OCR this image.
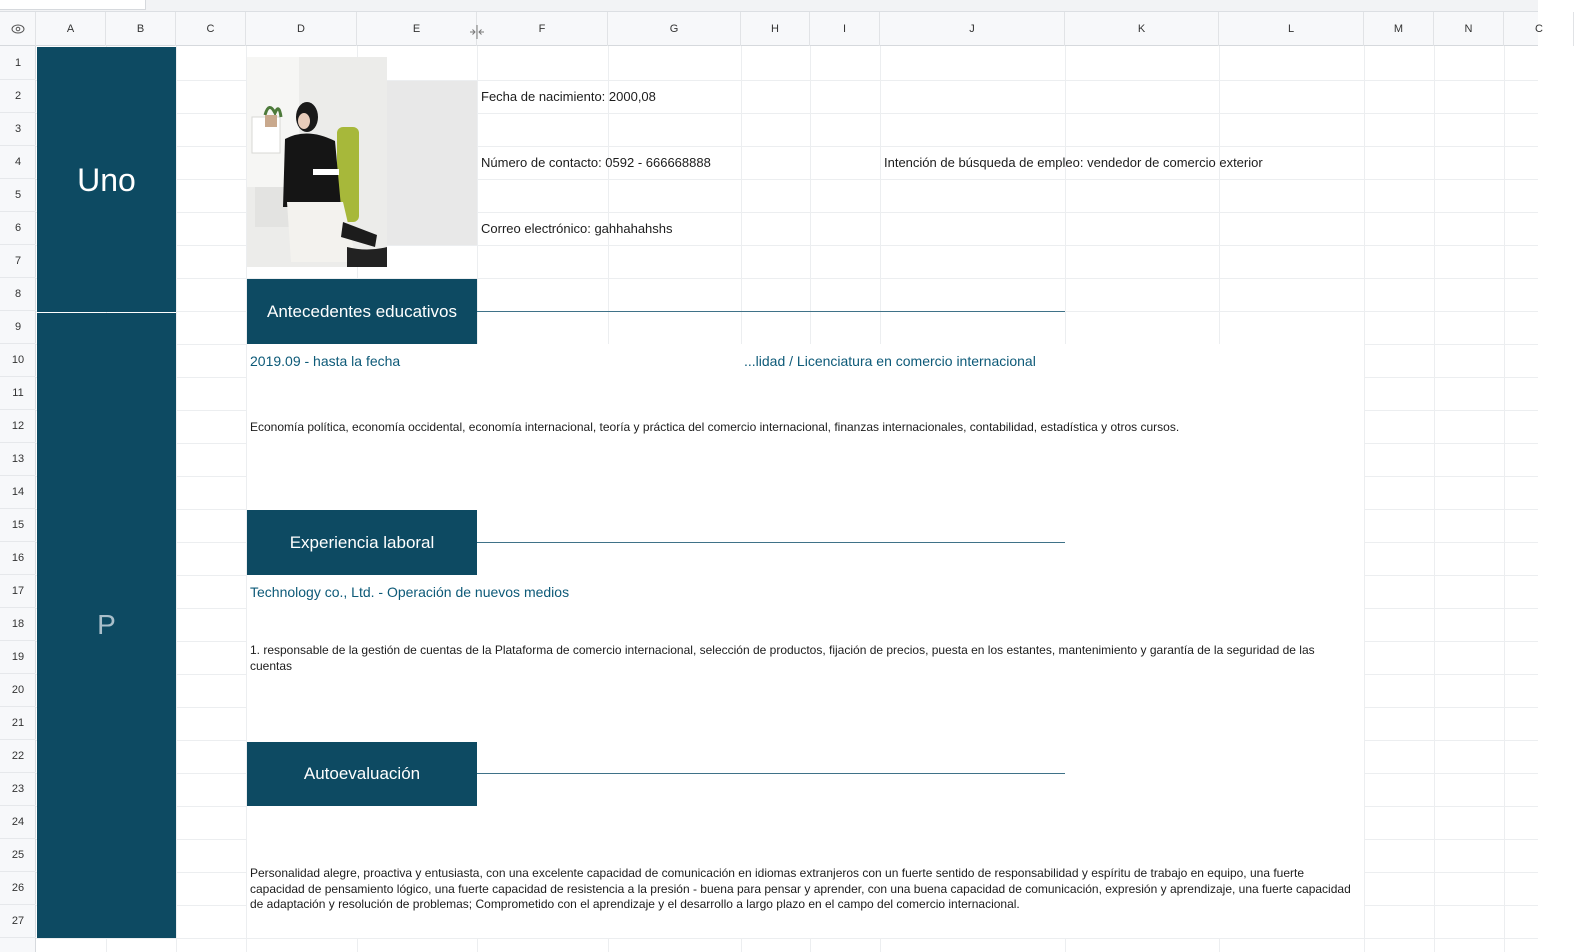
A	B	C	D	E	F	G	H	I	J	K	L	M	N	C
1
2
3
4
5
6
7
8
9
10
11
12
13
14
15
16
17
18
19
20
21
22
23
24
25
26
27
Uno
P
Fecha de nacimiento: 2000,08
Número de contacto: 0592 - 666668888
Correo electrónico: gahhahahshs
Intención de búsqueda de empleo: vendedor de comercio exterior
Antecedentes educativos
2019.09 - hasta la fecha	...lidad / Licenciatura en comercio internacional
Economía política, economía occidental, economía internacional, teoría y práctica del comercio internacional, finanzas internacionales, contabilidad, estadística y otros cursos.
Experiencia laboral
Technology co., Ltd. - Operación de nuevos medios
1. responsable de la gestión de cuentas de la Plataforma de comercio internacional, selección de productos, fijación de precios, puesta en los estantes, mantenimiento y garantía de la seguridad de las cuentas
Autoevaluación
Personalidad alegre, proactiva y entusiasta, con una excelente capacidad de comunicación en idiomas extranjeros con un fuerte sentido de responsabilidad y espíritu de trabajo en equipo, una fuerte capacidad de pensamiento lógico, una fuerte capacidad de resistencia a la presión - buena para pensar y aprender, con una buena capacidad de comunicación, expresión y aprendizaje, una fuerte capacidad de adaptación y resolución de problemas; Comprometido con el aprendizaje y el desarrollo a largo plazo en el campo del comercio internacional.
